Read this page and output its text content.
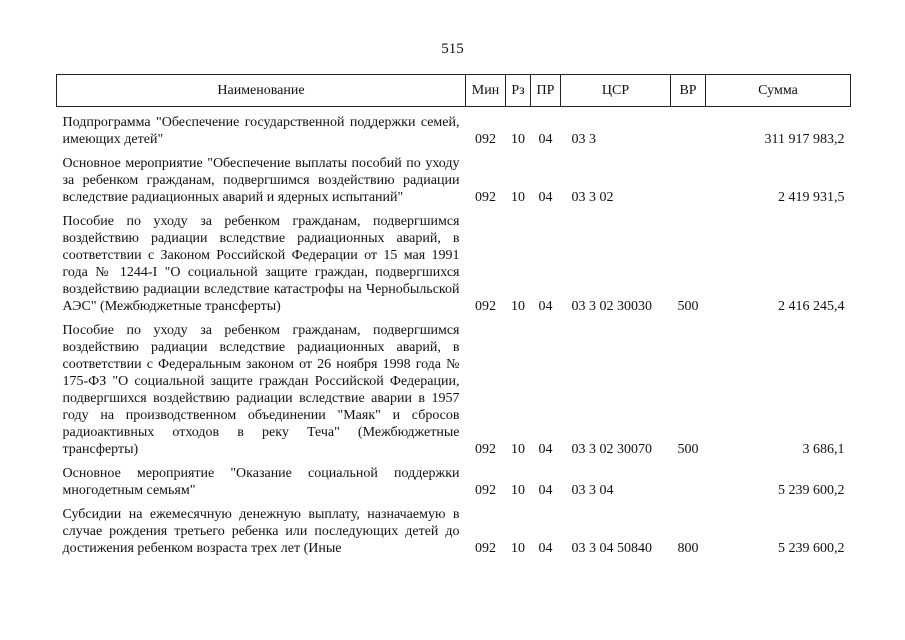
515
Наименование	Мин	Рз	ПР	ЦСР	ВР	Сумма
Подпрограмма "Обеспечение государственной поддержки семей, имеющих детей"	092	10	04	03 3		311 917 983,2
Основное мероприятие "Обеспечение выплаты пособий по уходу за ребенком гражданам, подвергшимся воздействию радиации вследствие радиационных аварий и ядерных испытаний"	092	10	04	03 3 02		2 419 931,5
Пособие по уходу за ребенком гражданам, подвергшимся воздействию радиации вследствие радиационных аварий, в соответствии с Законом Российской Федерации от 15 мая 1991 года № 1244-I "О социальной защите граждан, подвергшихся воздействию радиации вследствие катастрофы на Чернобыльской АЭС" (Межбюджетные трансферты)	092	10	04	03 3 02 30030	500	2 416 245,4
Пособие по уходу за ребенком гражданам, подвергшимся воздействию радиации вследствие радиационных аварий, в соответствии с Федеральным законом от 26 ноября 1998 года № 175-ФЗ "О социальной защите граждан Российской Федерации, подвергшихся воздействию радиации вследствие аварии в 1957 году на производственном объединении "Маяк" и сбросов радиоактивных отходов в реку Теча" (Межбюджетные трансферты)	092	10	04	03 3 02 30070	500	3 686,1
Основное мероприятие "Оказание социальной поддержки многодетным семьям"	092	10	04	03 3 04		5 239 600,2
Субсидии на ежемесячную денежную выплату, назначаемую в случае рождения третьего ребенка или последующих детей до достижения ребенком возраста трех лет (Иные	092	10	04	03 3 04 50840	800	5 239 600,2
